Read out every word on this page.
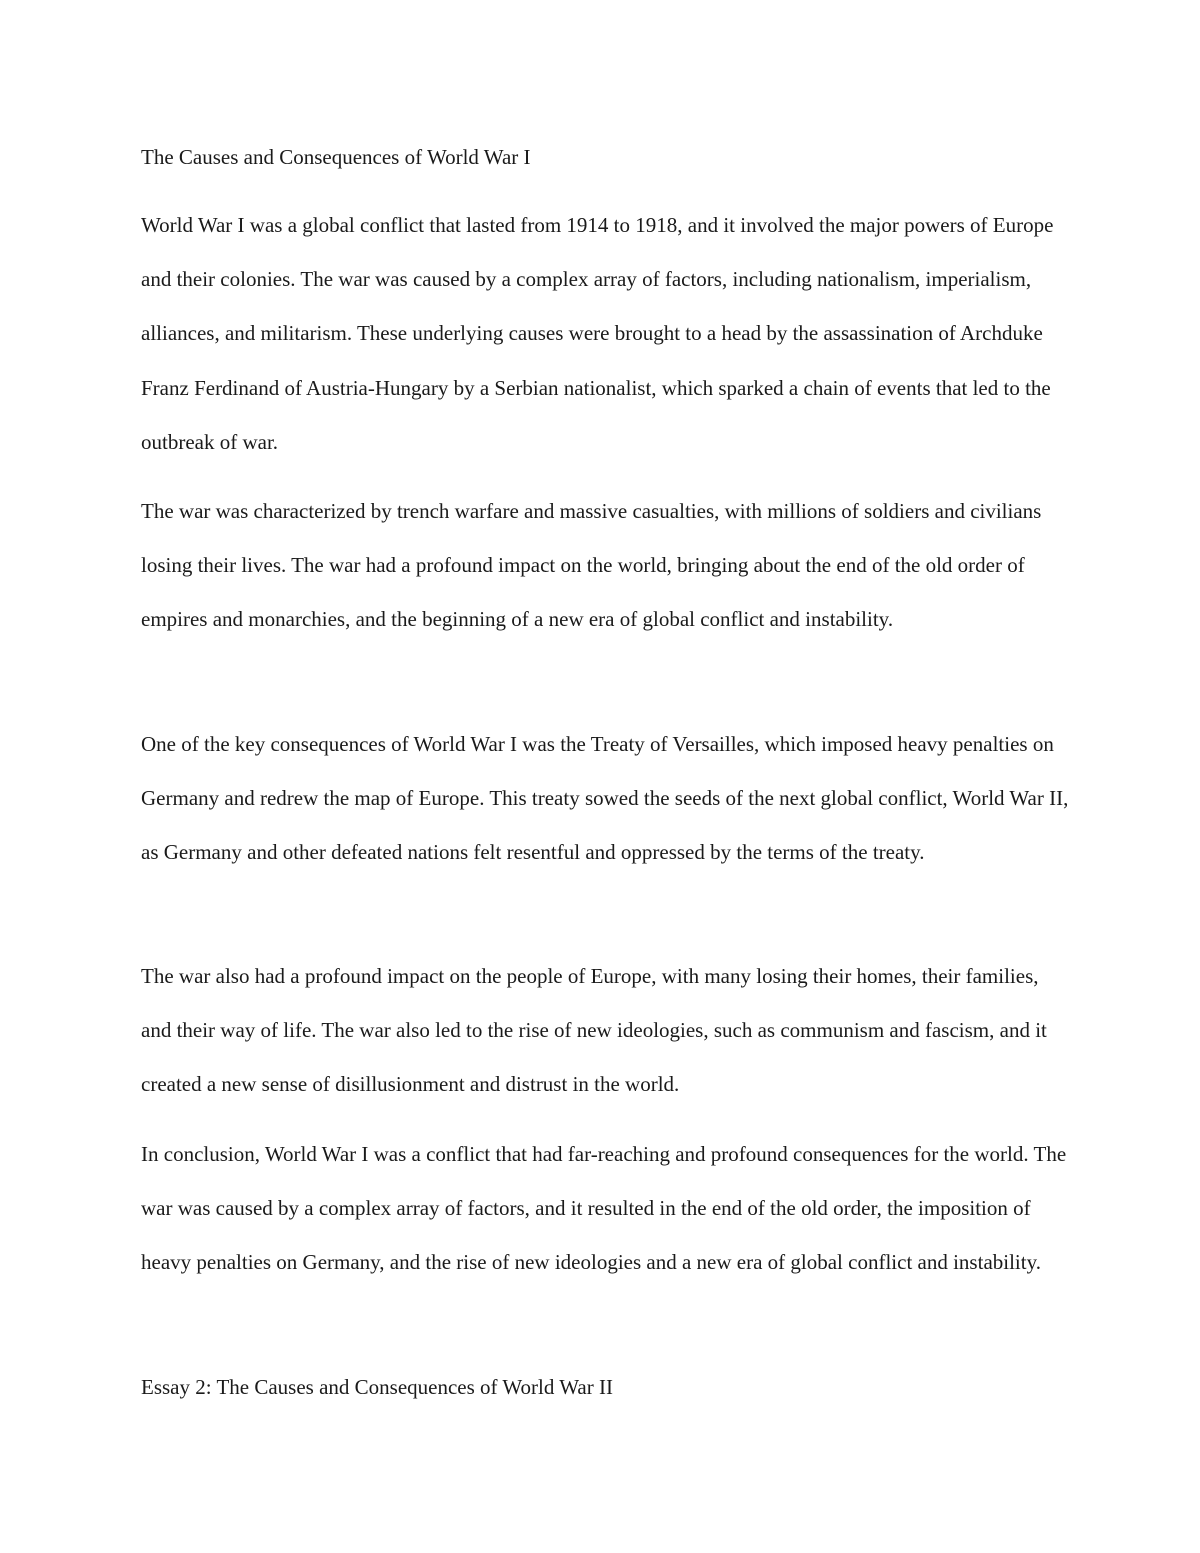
The Causes and Consequences of World War I

World War I was a global conflict that lasted from 1914 to 1918, and it involved the major powers of Europe and their colonies. The war was caused by a complex array of factors, including nationalism, imperialism, alliances, and militarism. These underlying causes were brought to a head by the assassination of Archduke Franz Ferdinand of Austria-Hungary by a Serbian nationalist, which sparked a chain of events that led to the outbreak of war.

The war was characterized by trench warfare and massive casualties, with millions of soldiers and civilians losing their lives. The war had a profound impact on the world, bringing about the end of the old order of empires and monarchies, and the beginning of a new era of global conflict and instability.

One of the key consequences of World War I was the Treaty of Versailles, which imposed heavy penalties on Germany and redrew the map of Europe. This treaty sowed the seeds of the next global conflict, World War II, as Germany and other defeated nations felt resentful and oppressed by the terms of the treaty.

The war also had a profound impact on the people of Europe, with many losing their homes, their families, and their way of life. The war also led to the rise of new ideologies, such as communism and fascism, and it created a new sense of disillusionment and distrust in the world.

In conclusion, World War I was a conflict that had far-reaching and profound consequences for the world. The war was caused by a complex array of factors, and it resulted in the end of the old order, the imposition of heavy penalties on Germany, and the rise of new ideologies and a new era of global conflict and instability.

Essay 2: The Causes and Consequences of World War II
